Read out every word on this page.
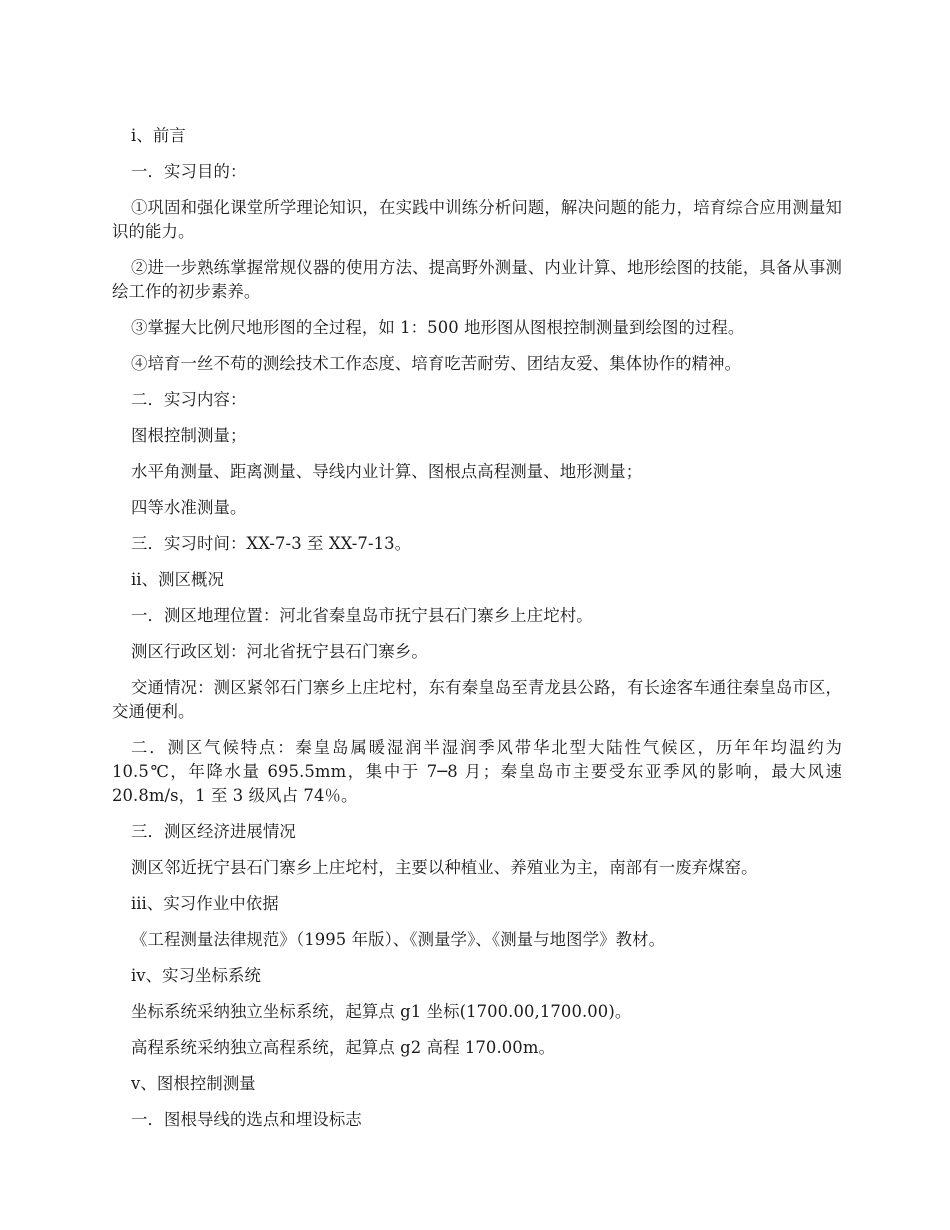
ⅰ、前言

一．实习目的：

①巩固和强化课堂所学理论知识，在实践中训练分析问题，解决问题的能力，培育综合应用测量知识的能力。

②进一步熟练掌握常规仪器的使用方法、提高野外测量、内业计算、地形绘图的技能，具备从事测绘工作的初步素养。

③掌握大比例尺地形图的全过程，如 1：500 地形图从图根控制测量到绘图的过程。

④培育一丝不苟的测绘技术工作态度、培育吃苦耐劳、团结友爱、集体协作的精神。

二．实习内容：

图根控制测量；

水平角测量、距离测量、导线内业计算、图根点高程测量、地形测量；

四等水准测量。

三．实习时间：XX-7-3 至 XX-7-13。

ⅱ、测区概况

一．测区地理位置：河北省秦皇岛市抚宁县石门寨乡上庄坨村。

测区行政区划：河北省抚宁县石门寨乡。

交通情况：测区紧邻石门寨乡上庄坨村，东有秦皇岛至青龙县公路，有长途客车通往秦皇岛市区，交通便利。

二．测区气候特点：秦皇岛属暖湿润半湿润季风带华北型大陆性气候区，历年年均温约为 10.5℃，年降水量 695.5mm，集中于 7─8 月；秦皇岛市主要受东亚季风的影响，最大风速 20.8m/s，1 至 3 级风占 74％。

三．测区经济进展情况

测区邻近抚宁县石门寨乡上庄坨村，主要以种植业、养殖业为主，南部有一废弃煤窑。

ⅲ、实习作业中依据

《工程测量法律规范》（1995 年版）、《测量学》、《测量与地图学》教材。

ⅳ、实习坐标系统

坐标系统采纳独立坐标系统，起算点 g1 坐标(1700.00,1700.00)。

高程系统采纳独立高程系统，起算点 g2 高程 170.00m。

ⅴ、图根控制测量

一．图根导线的选点和埋设标志
